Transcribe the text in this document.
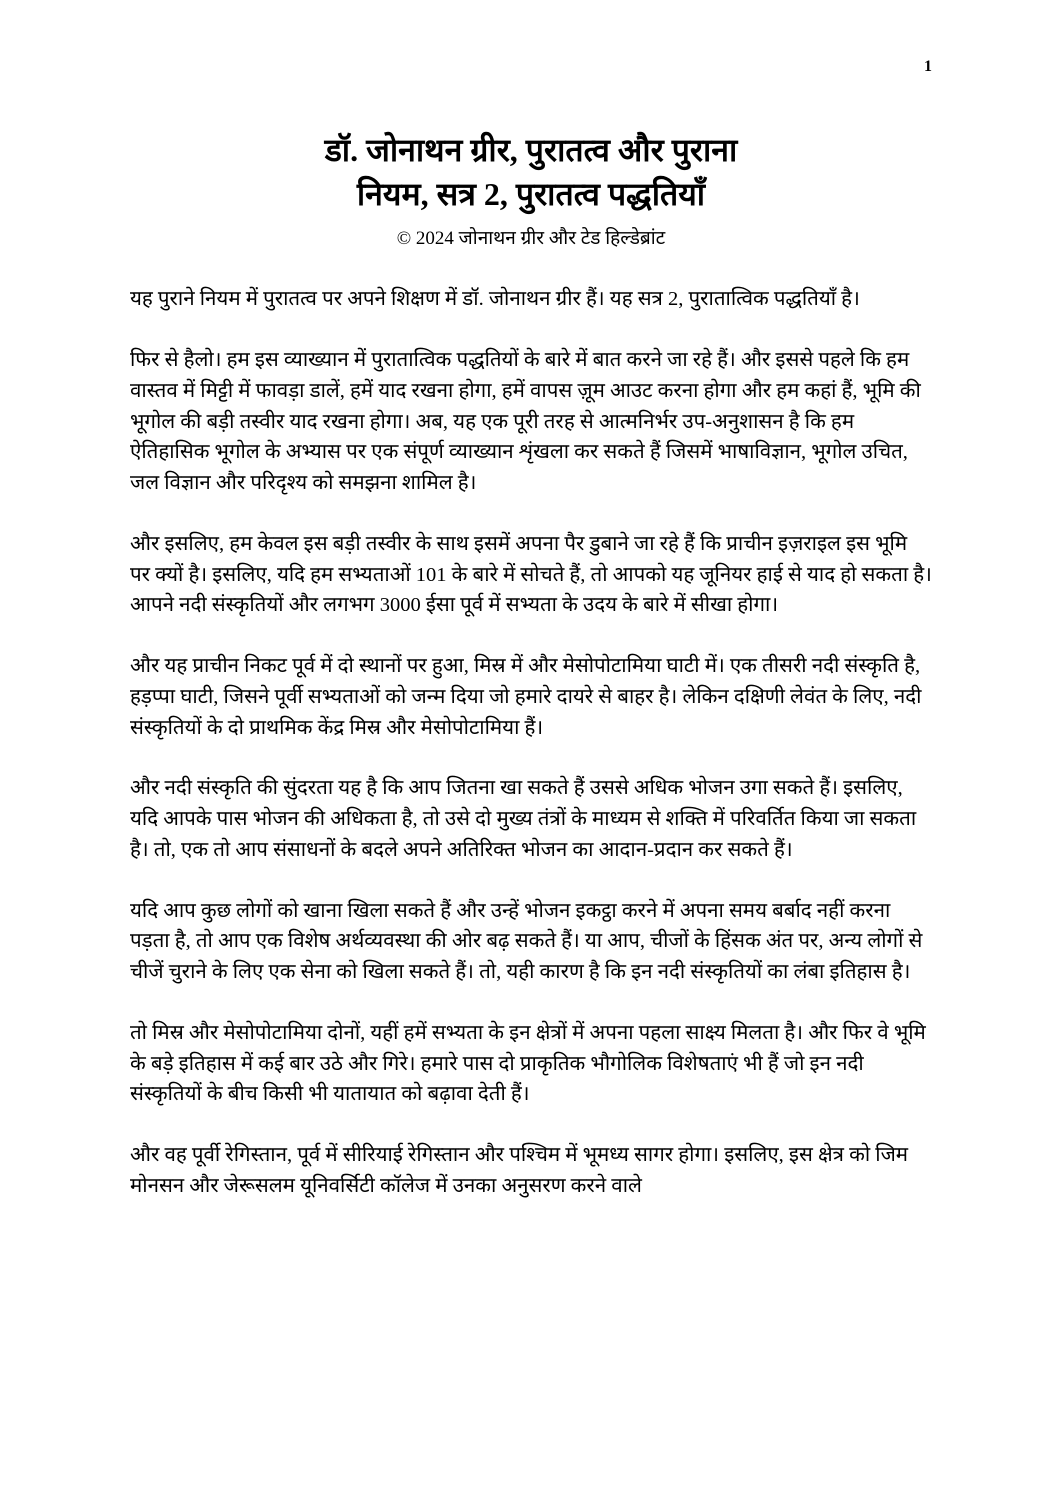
1
डॉ. जोनाथन ग्रीर, पुरातत्व और पुराना
नियम, सत्र 2, पुरातत्व पद्धतियाँ
© 2024 जोनाथन ग्रीर और टेड हिल्डेब्रांट

यह पुराने नियम में पुरातत्व पर अपने शिक्षण में डॉ. जोनाथन ग्रीर हैं। यह सत्र 2, पुरातात्विक पद्धतियाँ है।

फिर से हैलो। हम इस व्याख्यान में पुरातात्विक पद्धतियों के बारे में बात करने जा रहे हैं। और इससे पहले कि हम वास्तव में मिट्टी में फावड़ा डालें, हमें याद रखना होगा, हमें वापस ज़ूम आउट करना होगा और हम कहां हैं, भूमि की भूगोल की बड़ी तस्वीर याद रखना होगा। अब, यह एक पूरी तरह से आत्मनिर्भर उप-अनुशासन है कि हम ऐतिहासिक भूगोल के अभ्यास पर एक संपूर्ण व्याख्यान शृंखला कर सकते हैं जिसमें भाषाविज्ञान, भूगोल उचित, जल विज्ञान और परिदृश्य को समझना शामिल है।

और इसलिए, हम केवल इस बड़ी तस्वीर के साथ इसमें अपना पैर डुबाने जा रहे हैं कि प्राचीन इज़राइल इस भूमि पर क्यों है। इसलिए, यदि हम सभ्यताओं 101 के बारे में सोचते हैं, तो आपको यह जूनियर हाई से याद हो सकता है। आपने नदी संस्कृतियों और लगभग 3000 ईसा पूर्व में सभ्यता के उदय के बारे में सीखा होगा।

और यह प्राचीन निकट पूर्व में दो स्थानों पर हुआ, मिस्र में और मेसोपोटामिया घाटी में। एक तीसरी नदी संस्कृति है, हड़प्पा घाटी, जिसने पूर्वी सभ्यताओं को जन्म दिया जो हमारे दायरे से बाहर है। लेकिन दक्षिणी लेवंत के लिए, नदी संस्कृतियों के दो प्राथमिक केंद्र मिस्र और मेसोपोटामिया हैं।

और नदी संस्कृति की सुंदरता यह है कि आप जितना खा सकते हैं उससे अधिक भोजन उगा सकते हैं। इसलिए, यदि आपके पास भोजन की अधिकता है, तो उसे दो मुख्य तंत्रों के माध्यम से शक्ति में परिवर्तित किया जा सकता है। तो, एक तो आप संसाधनों के बदले अपने अतिरिक्त भोजन का आदान-प्रदान कर सकते हैं।

यदि आप कुछ लोगों को खाना खिला सकते हैं और उन्हें भोजन इकट्ठा करने में अपना समय बर्बाद नहीं करना पड़ता है, तो आप एक विशेष अर्थव्यवस्था की ओर बढ़ सकते हैं। या आप, चीजों के हिंसक अंत पर, अन्य लोगों से चीजें चुराने के लिए एक सेना को खिला सकते हैं। तो, यही कारण है कि इन नदी संस्कृतियों का लंबा इतिहास है।

तो मिस्र और मेसोपोटामिया दोनों, यहीं हमें सभ्यता के इन क्षेत्रों में अपना पहला साक्ष्य मिलता है। और फिर वे भूमि के बड़े इतिहास में कई बार उठे और गिरे। हमारे पास दो प्राकृतिक भौगोलिक विशेषताएं भी हैं जो इन नदी संस्कृतियों के बीच किसी भी यातायात को बढ़ावा देती हैं।

और वह पूर्वी रेगिस्तान, पूर्व में सीरियाई रेगिस्तान और पश्चिम में भूमध्य सागर होगा। इसलिए, इस क्षेत्र को जिम मोनसन और जेरूसलम यूनिवर्सिटी कॉलेज में उनका अनुसरण करने वाले
